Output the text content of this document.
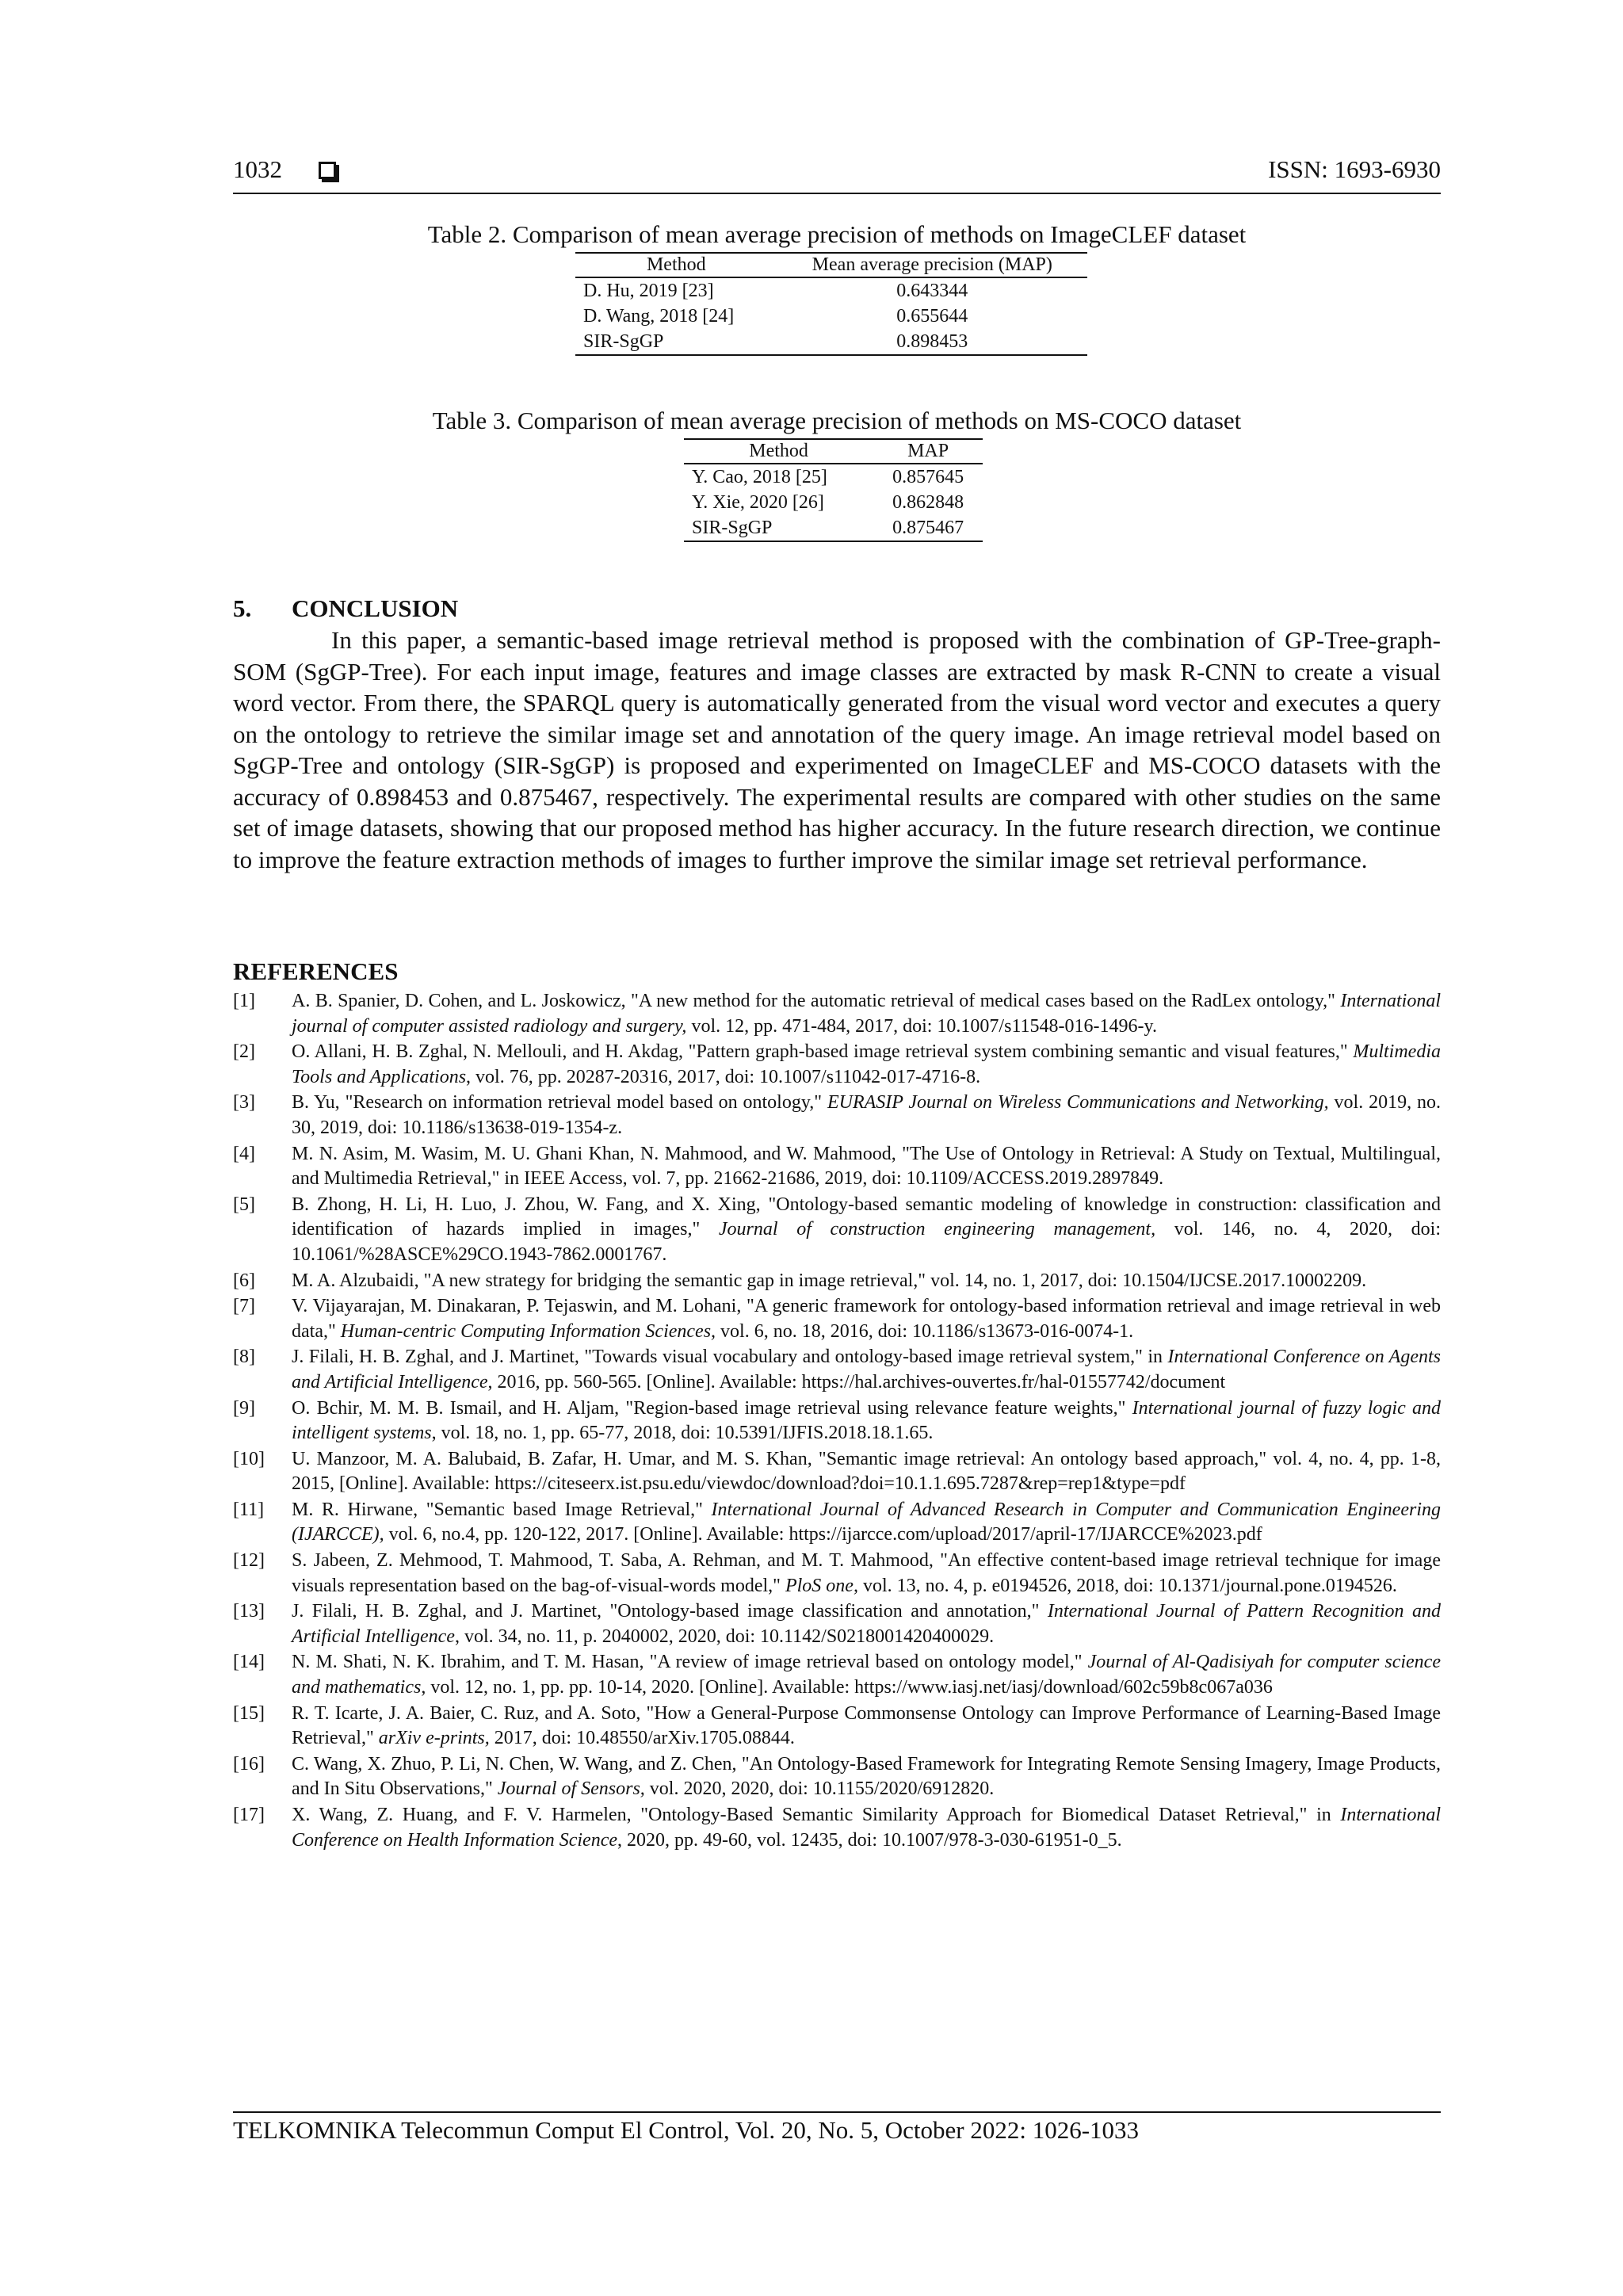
1032	ISSN: 1693-6930
Table 2. Comparison of mean average precision of methods on ImageCLEF dataset
Method	Mean average precision (MAP)
D. Hu, 2019 [23]	0.643344
D. Wang, 2018 [24]	0.655644
SIR-SgGP	0.898453
Table 3. Comparison of mean average precision of methods on MS-COCO dataset
Method	MAP
Y. Cao, 2018 [25]	0.857645
Y. Xie, 2020 [26]	0.862848
SIR-SgGP	0.875467
5. CONCLUSION

In this paper, a semantic-based image retrieval method is proposed with the combination of GP-Tree-graph-SOM (SgGP-Tree). For each input image, features and image classes are extracted by mask R-CNN to create a visual word vector. From there, the SPARQL query is automatically generated from the visual word vector and executes a query on the ontology to retrieve the similar image set and annotation of the query image. An image retrieval model based on SgGP-Tree and ontology (SIR-SgGP) is proposed and experimented on ImageCLEF and MS-COCO datasets with the accuracy of 0.898453 and 0.875467, respectively. The experimental results are compared with other studies on the same set of image datasets, showing that our proposed method has higher accuracy. In the future research direction, we continue to improve the feature extraction methods of images to further improve the similar image set retrieval performance.

REFERENCES
[1]	A. B. Spanier, D. Cohen, and L. Joskowicz, "A new method for the automatic retrieval of medical cases based on the RadLex ontology," International journal of computer assisted radiology and surgery, vol. 12, pp. 471-484, 2017, doi: 10.1007/s11548-016-1496-y.
[2]	O. Allani, H. B. Zghal, N. Mellouli, and H. Akdag, "Pattern graph-based image retrieval system combining semantic and visual features," Multimedia Tools and Applications, vol. 76, pp. 20287-20316, 2017, doi: 10.1007/s11042-017-4716-8.
[3]	B. Yu, "Research on information retrieval model based on ontology," EURASIP Journal on Wireless Communications and Networking, vol. 2019, no. 30, 2019, doi: 10.1186/s13638-019-1354-z.
[4]	M. N. Asim, M. Wasim, M. U. Ghani Khan, N. Mahmood, and W. Mahmood, "The Use of Ontology in Retrieval: A Study on Textual, Multilingual, and Multimedia Retrieval," in IEEE Access, vol. 7, pp. 21662-21686, 2019, doi: 10.1109/ACCESS.2019.2897849.
[5]	B. Zhong, H. Li, H. Luo, J. Zhou, W. Fang, and X. Xing, "Ontology-based semantic modeling of knowledge in construction: classification and identification of hazards implied in images," Journal of construction engineering management, vol. 146, no. 4, 2020, doi: 10.1061/%28ASCE%29CO.1943-7862.0001767.
[6]	M. A. Alzubaidi, "A new strategy for bridging the semantic gap in image retrieval," vol. 14, no. 1, 2017, doi: 10.1504/IJCSE.2017.10002209.
[7]	V. Vijayarajan, M. Dinakaran, P. Tejaswin, and M. Lohani, "A generic framework for ontology-based information retrieval and image retrieval in web data," Human-centric Computing Information Sciences, vol. 6, no. 18, 2016, doi: 10.1186/s13673-016-0074-1.
[8]	J. Filali, H. B. Zghal, and J. Martinet, "Towards visual vocabulary and ontology-based image retrieval system," in International Conference on Agents and Artificial Intelligence, 2016, pp. 560-565. [Online]. Available: https://hal.archives-ouvertes.fr/hal-01557742/document
[9]	O. Bchir, M. M. B. Ismail, and H. Aljam, "Region-based image retrieval using relevance feature weights," International journal of fuzzy logic and intelligent systems, vol. 18, no. 1, pp. 65-77, 2018, doi: 10.5391/IJFIS.2018.18.1.65.
[10]	U. Manzoor, M. A. Balubaid, B. Zafar, H. Umar, and M. S. Khan, "Semantic image retrieval: An ontology based approach," vol. 4, no. 4, pp. 1-8, 2015, [Online]. Available: https://citeseerx.ist.psu.edu/viewdoc/download?doi=10.1.1.695.7287&rep=rep1&type=pdf
[11]	M. R. Hirwane, "Semantic based Image Retrieval," International Journal of Advanced Research in Computer and Communication Engineering (IJARCCE), vol. 6, no.4, pp. 120-122, 2017. [Online]. Available: https://ijarcce.com/upload/2017/april-17/IJARCCE%2023.pdf
[12]	S. Jabeen, Z. Mehmood, T. Mahmood, T. Saba, A. Rehman, and M. T. Mahmood, "An effective content-based image retrieval technique for image visuals representation based on the bag-of-visual-words model," PloS one, vol. 13, no. 4, p. e0194526, 2018, doi: 10.1371/journal.pone.0194526.
[13]	J. Filali, H. B. Zghal, and J. Martinet, "Ontology-based image classification and annotation," International Journal of Pattern Recognition and Artificial Intelligence, vol. 34, no. 11, p. 2040002, 2020, doi: 10.1142/S0218001420400029.
[14]	N. M. Shati, N. K. Ibrahim, and T. M. Hasan, "A review of image retrieval based on ontology model," Journal of Al-Qadisiyah for computer science and mathematics, vol. 12, no. 1, pp. pp. 10-14, 2020. [Online]. Available: https://www.iasj.net/iasj/download/602c59b8c067a036
[15]	R. T. Icarte, J. A. Baier, C. Ruz, and A. Soto, "How a General-Purpose Commonsense Ontology can Improve Performance of Learning-Based Image Retrieval," arXiv e-prints, 2017, doi: 10.48550/arXiv.1705.08844.
[16]	C. Wang, X. Zhuo, P. Li, N. Chen, W. Wang, and Z. Chen, "An Ontology-Based Framework for Integrating Remote Sensing Imagery, Image Products, and In Situ Observations," Journal of Sensors, vol. 2020, 2020, doi: 10.1155/2020/6912820.
[17]	X. Wang, Z. Huang, and F. V. Harmelen, "Ontology-Based Semantic Similarity Approach for Biomedical Dataset Retrieval," in International Conference on Health Information Science, 2020, pp. 49-60, vol. 12435, doi: 10.1007/978-3-030-61951-0_5.
TELKOMNIKA Telecommun Comput El Control, Vol. 20, No. 5, October 2022: 1026-1033
